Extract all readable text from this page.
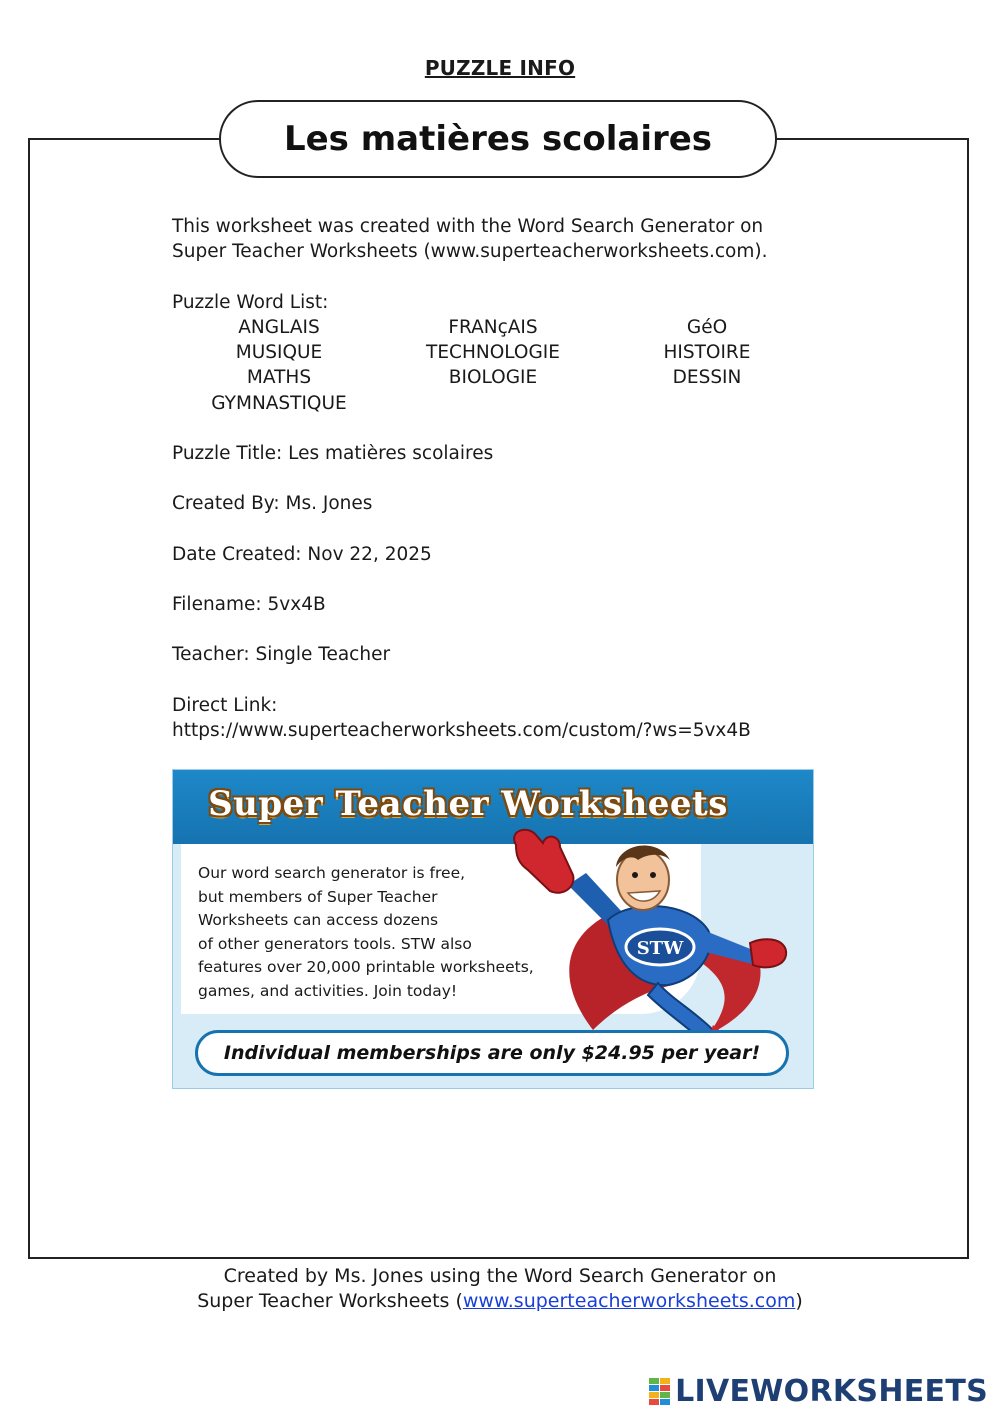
PUZZLE INFO
Les matières scolaires

This worksheet was created with the Word Search Generator on

Super Teacher Worksheets (www.superteacherworksheets.com).

Puzzle Word List:

ANGLAIS	FRANçAIS	GéO
MUSIQUE	TECHNOLOGIE	HISTOIRE
MATHS	BIOLOGIE	DESSIN
GYMNASTIQUE

Puzzle Title: Les matières scolaires

Created By: Ms. Jones

Date Created: Nov 22, 2025

Filename: 5vx4B

Teacher: Single Teacher

Direct Link:

https://www.superteacherworksheets.com/custom/?ws=5vx4B

Super Teacher Worksheets

Our word search generator is free,

but members of Super Teacher

Worksheets can access dozens

of other generators tools. STW also

features over 20,000 printable worksheets,

games, and activities. Join today!

STW
Individual memberships are only $24.95 per year!

Created by Ms. Jones using the Word Search Generator on

Super Teacher Worksheets (www.superteacherworksheets.com)

LIVEWORKSHEETS
